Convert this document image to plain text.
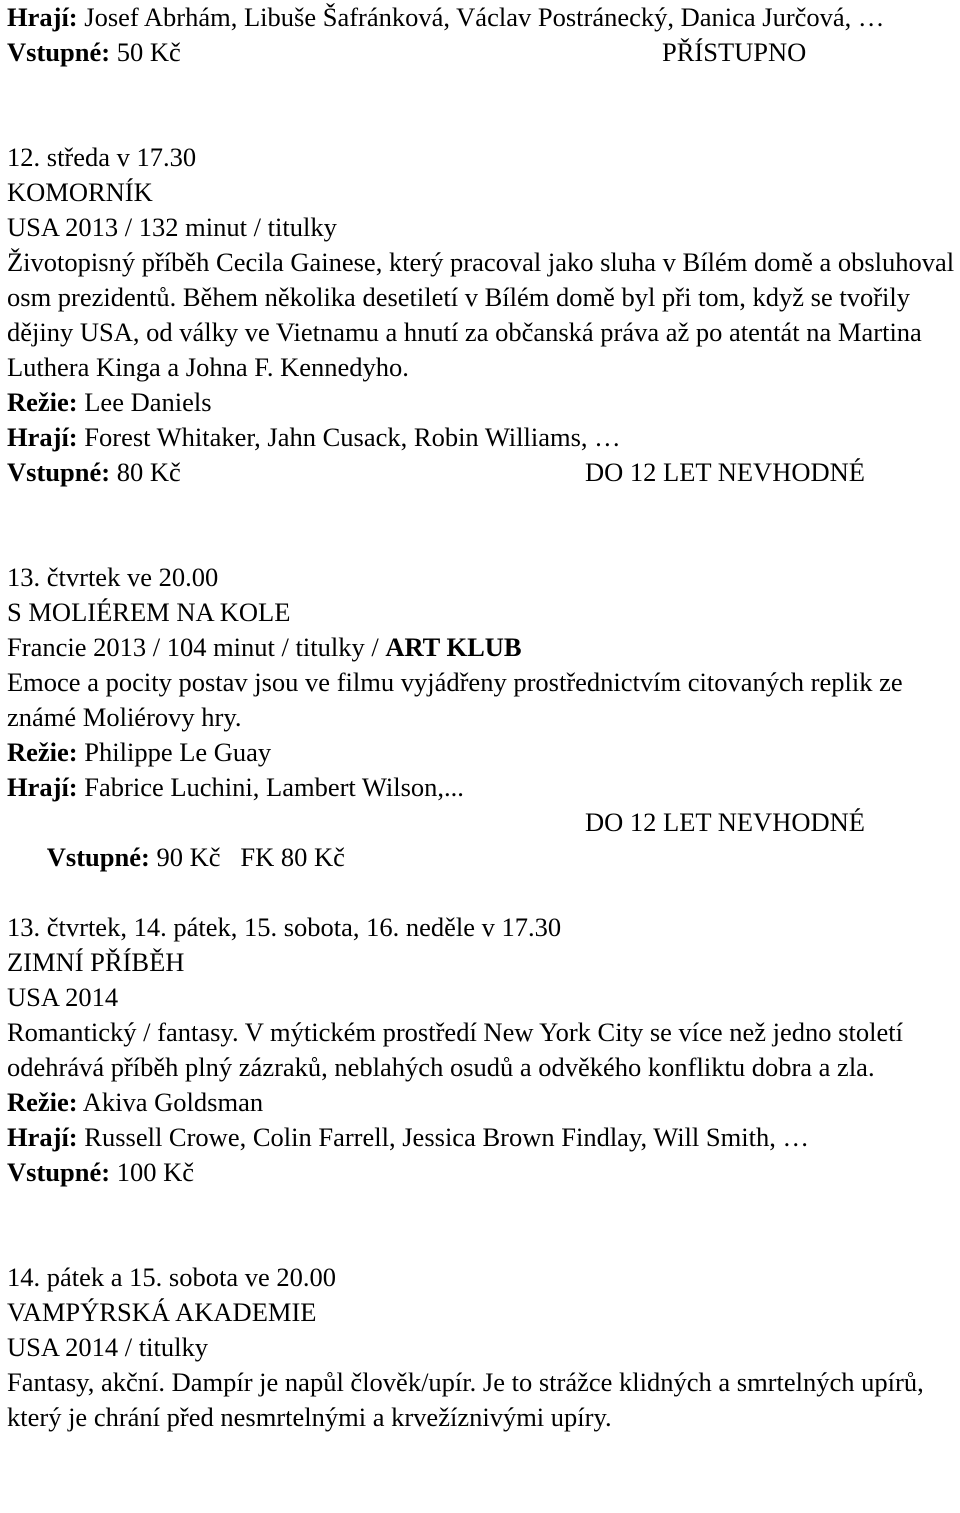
Hrají: Josef Abrhám, Libuše Šafránková, Václav Postránecký, Danica Jurčová, …
Vstupné: 50 Kč	PŘÍSTUPNO
12. středa v 17.30
KOMORNÍK
USA 2013 / 132 minut / titulky
Životopisný příběh Cecila Gainese, který pracoval jako sluha v Bílém domě a obsluhoval osm prezidentů. Během několika desetiletí v Bílém domě byl při tom, když se tvořily dějiny USA, od války ve Vietnamu a hnutí za občanská práva až po atentát na Martina Luthera Kinga a Johna F. Kennedyho.
Režie: Lee Daniels
Hrají: Forest Whitaker, Jahn Cusack, Robin Williams, …
Vstupné: 80 Kč	DO 12 LET NEVHODNÉ
13. čtvrtek ve 20.00
S MOLIÉREM NA KOLE
Francie 2013 / 104 minut / titulky / ART KLUB
Emoce a pocity postav jsou ve filmu vyjádřeny prostřednictvím citovaných replik ze známé Moliérovy hry.
Režie: Philippe Le Guay
Hrají: Fabrice Luchini, Lambert Wilson,...

Vstupné: 90 Kč   FK 80 Kč

DO 12 LET NEVHODNÉ

13. čtvrtek, 14. pátek, 15. sobota, 16. neděle v 17.30
ZIMNÍ PŘÍBĚH
USA 2014
Romantický / fantasy. V mýtickém prostředí New York City se více než jedno století odehrává příběh plný zázraků, neblahých osudů a odvěkého konfliktu dobra a zla.
Režie: Akiva Goldsman
Hrají: Russell Crowe, Colin Farrell, Jessica Brown Findlay, Will Smith, …
Vstupné: 100 Kč
14. pátek a 15. sobota ve 20.00
VAMPÝRSKÁ AKADEMIE
USA 2014 / titulky
Fantasy, akční. Dampír je napůl člověk/upír. Je to strážce klidných a smrtelných upírů, který je chrání před nesmrtelnými a krvežíznivými upíry.
